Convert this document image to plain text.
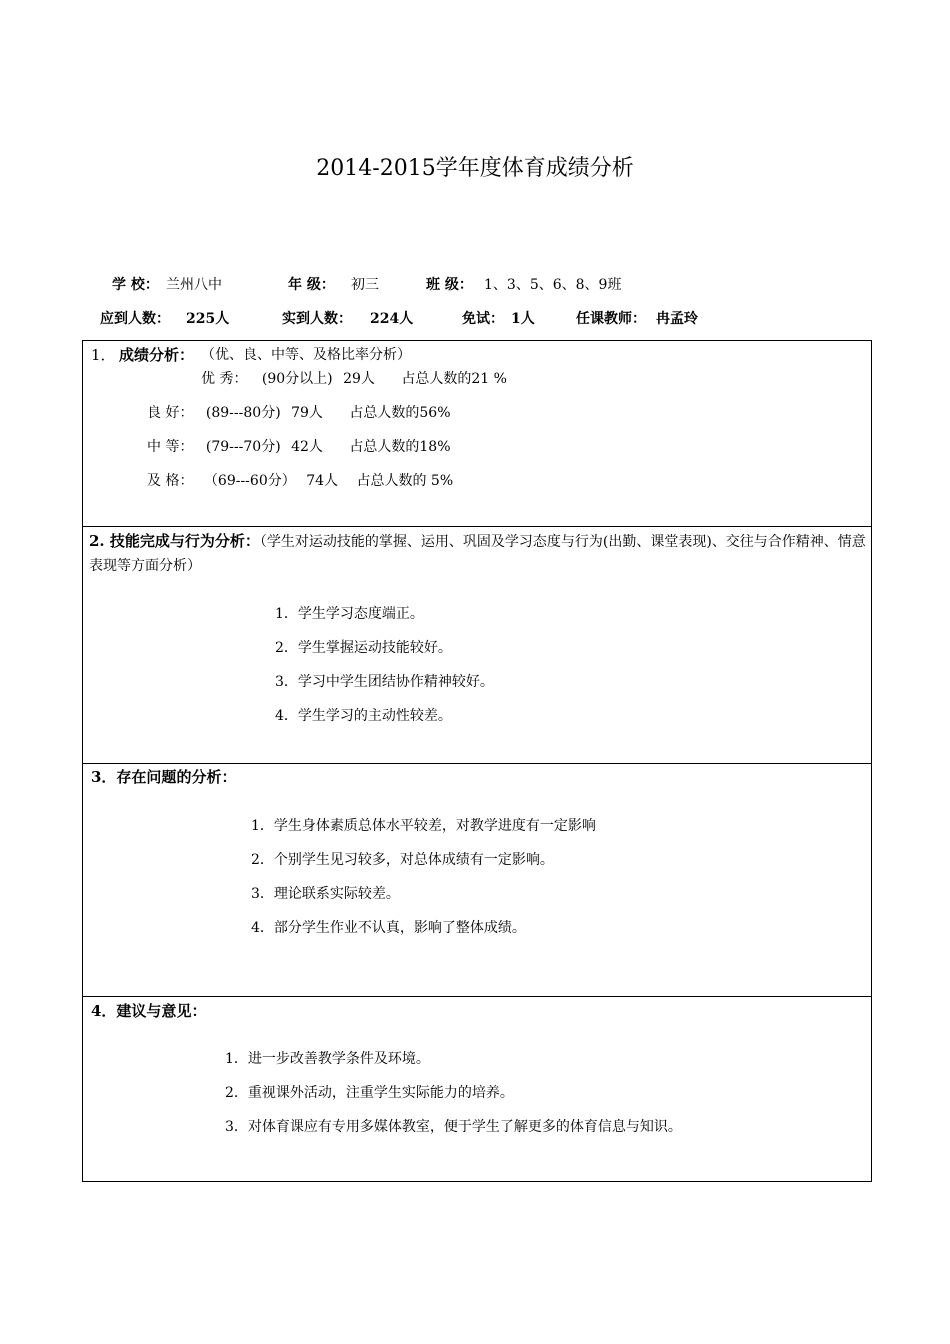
2014-2015学年度体育成绩分析
学 校： 兰州八中	年 级： 初三	班 级： 1、3、5、6、8、9班
应到人数： 225人	实到人数： 224人	免试： 1人	任课教师： 冉孟玲
1． 成绩分析： （优、良、中等、及格比率分析）
优 秀： (90分以上) 29人 占总人数的21 %
良 好： (89---80分) 79人 占总人数的56%
中 等： (79---70分) 42人 占总人数的18%
及 格： （69---60分） 74人 占总人数的 5%
2. 技能完成与行为分析：（学生对运动技能的掌握、运用、巩固及学习态度与行为(出勤、课堂表现)、交往与合作精神、情意表现等方面分析）
1．学生学习态度端正。
2．学生掌握运动技能较好。
3．学习中学生团结协作精神较好。
4．学生学习的主动性较差。
3．存在问题的分析：
1．学生身体素质总体水平较差，对教学进度有一定影响
2．个别学生见习较多，对总体成绩有一定影响。
3．理论联系实际较差。
4．部分学生作业不认真，影响了整体成绩。
4．建议与意见：
1．进一步改善教学条件及环境。
2．重视课外活动，注重学生实际能力的培养。
3．对体育课应有专用多媒体教室，便于学生了解更多的体育信息与知识。
